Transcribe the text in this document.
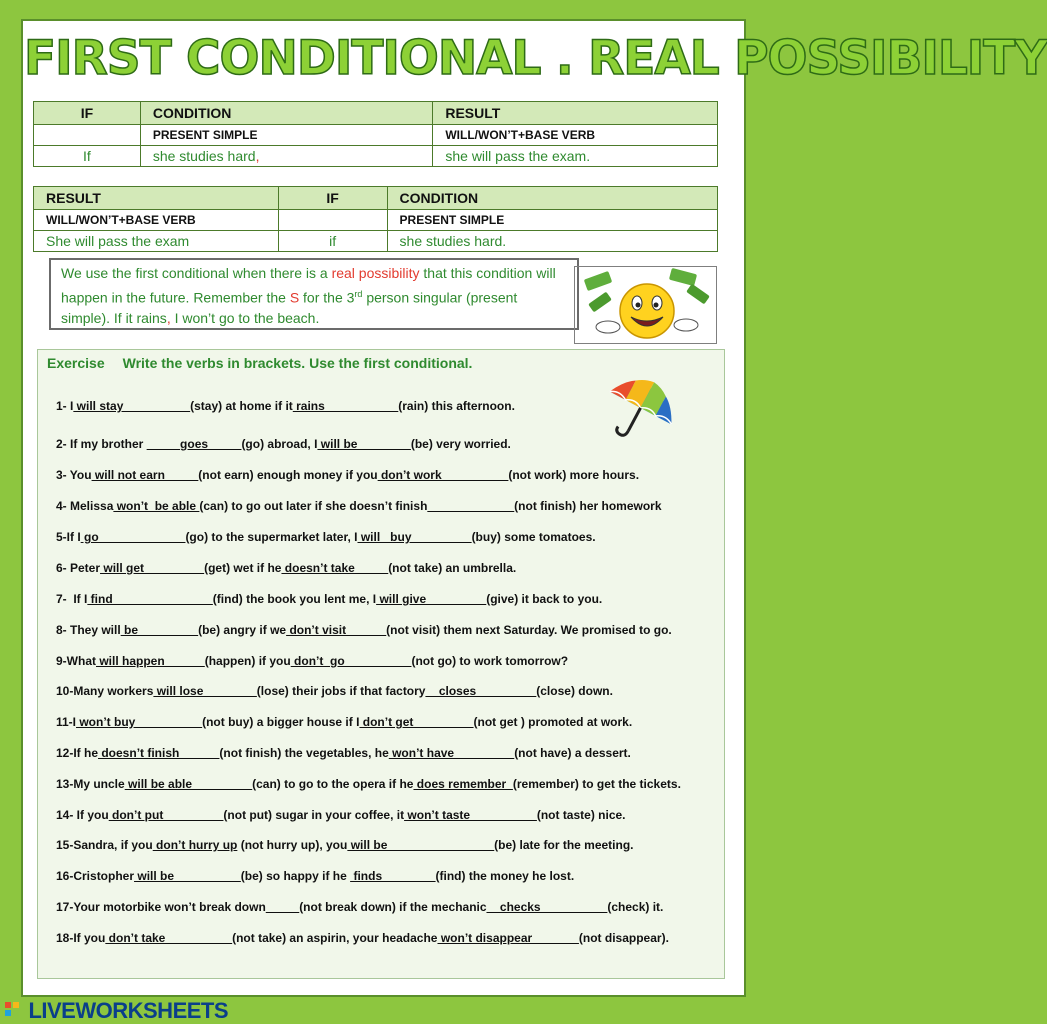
FIRST CONDITIONAL . REAL POSSIBILITY
IF	CONDITION	RESULT
	PRESENT SIMPLE	WILL/WON’T+BASE VERB
If	she studies hard,	she will pass the exam.
RESULT	IF	CONDITION
WILL/WON’T+BASE VERB		PRESENT SIMPLE
She will pass the exam	if	she studies hard.
We use the first conditional when there is a real possibility that this condition will happen in the future. Remember the S for the 3rd person singular (present simple). If it rains, I won’t go to the beach.
Exercise Write the verbs in brackets. Use the first conditional.
1- I will stay__________(stay) at home if it rains___________(rain) this afternoon.
2- If my brother _____goes_____(go) abroad, I will be________(be) very worried.
3- You will not earn_____(not earn) enough money if you don’t work__________(not work) more hours.
4- Melissa won’t  be able (can) to go out later if she doesn’t finish_____________(not finish) her homework
5-If I go_____________(go) to the supermarket later, I will   buy_________(buy) some tomatoes.
6- Peter will get_________(get) wet if he doesn’t take_____(not take) an umbrella.
7-  If I find_______________(find) the book you lent me, I will give_________(give) it back to you.
8- They will be_________(be) angry if we don’t visit______(not visit) them next Saturday. We promised to go.
9-What will happen______(happen) if you don’t  go__________(not go) to work tomorrow?
10-Many workers will lose________(lose) their jobs if that factory__closes_________(close) down.
11-I won’t buy__________(not buy) a bigger house if I don’t get_________(not get ) promoted at work.
12-If he doesn’t finish______(not finish) the vegetables, he won’t have_________(not have) a dessert.
13-My uncle will be able_________(can) to go to the opera if he does remember_(remember) to get the tickets.
14- If you don’t put_________(not put) sugar in your coffee, it won’t taste__________(not taste) nice.
15-Sandra, if you don’t hurry up (not hurry up), you will be________________(be) late for the meeting.
16-Cristopher will be__________(be) so happy if he  finds________(find) the money he lost.
17-Your motorbike won’t break down_____(not break down) if the mechanic__checks__________(check) it.
18-If you don’t take__________(not take) an aspirin, your headache won’t disappear_______(not disappear).
LIVEWORKSHEETS
